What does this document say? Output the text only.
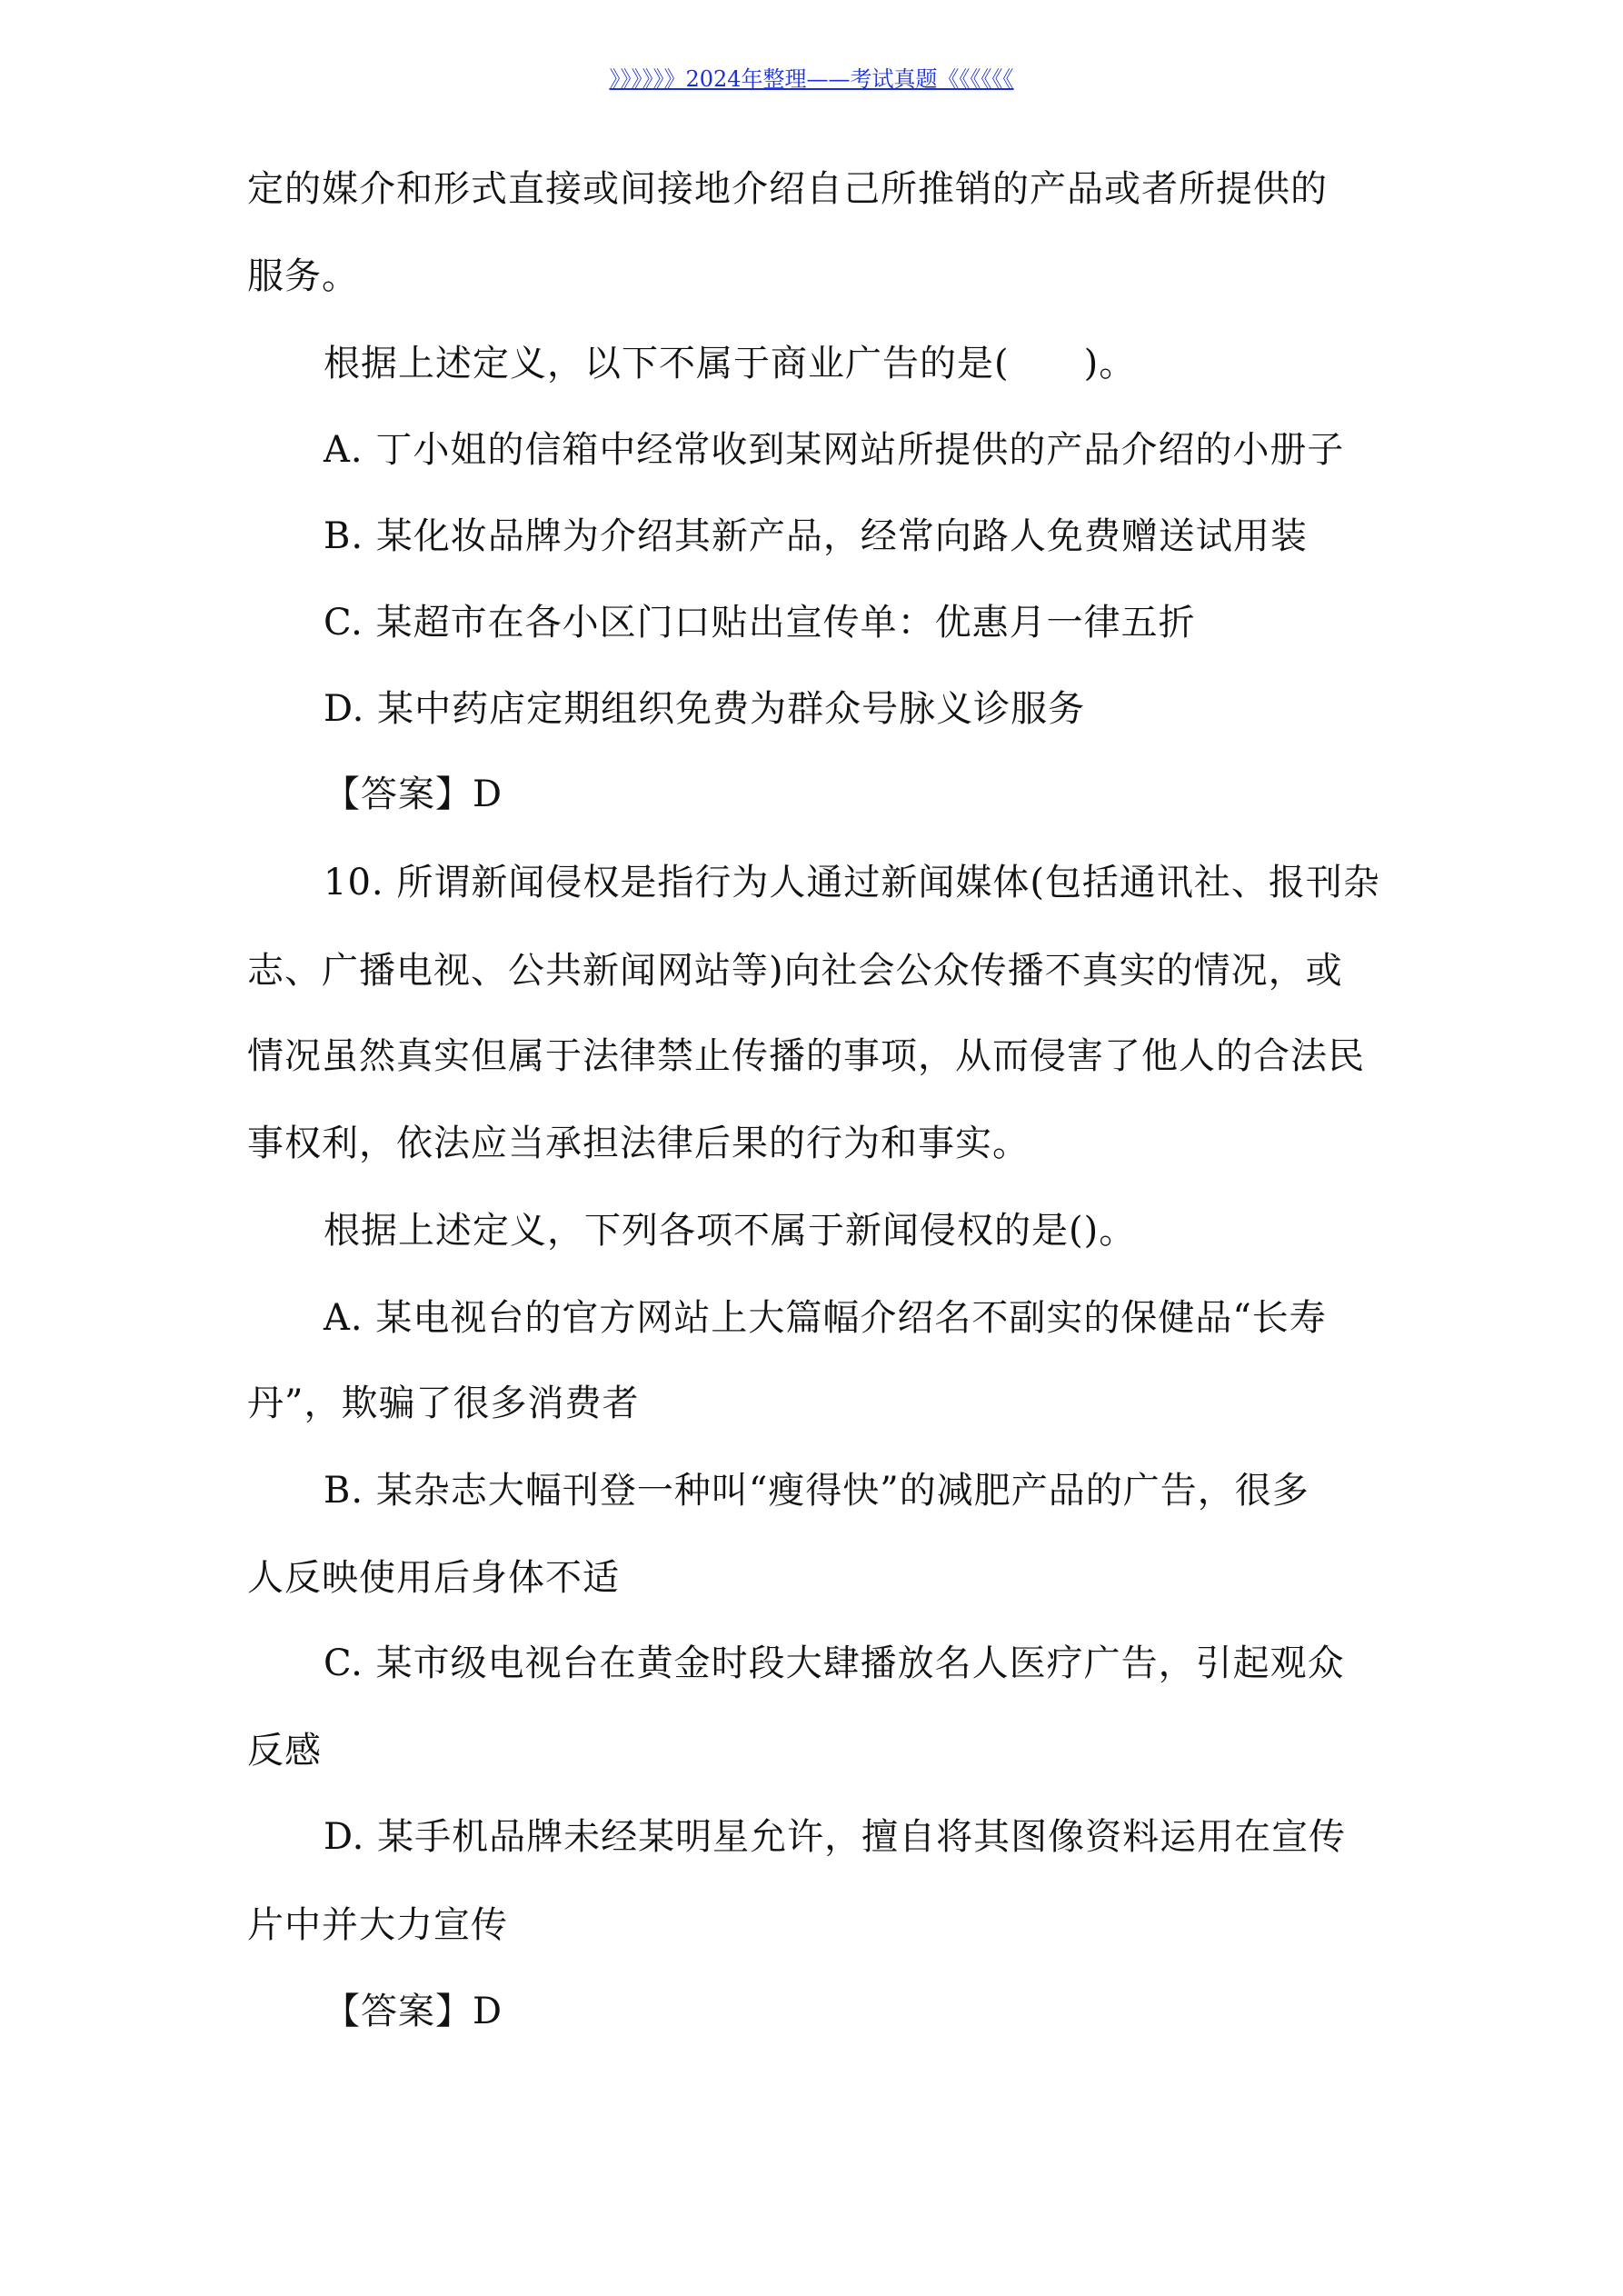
》》》》》》2024年整理——考试真题《《《《《《
定的媒介和形式直接或间接地介绍自己所推销的产品或者所提供的
服务。
根据上述定义，以下不属于商业广告的是(　　)。
A. 丁小姐的信箱中经常收到某网站所提供的产品介绍的小册子
B. 某化妆品牌为介绍其新产品，经常向路人免费赠送试用装
C. 某超市在各小区门口贴出宣传单：优惠月一律五折
D. 某中药店定期组织免费为群众号脉义诊服务
【答案】D
10. 所谓新闻侵权是指行为人通过新闻媒体(包括通讯社、报刊杂
志、广播电视、公共新闻网站等)向社会公众传播不真实的情况，或
情况虽然真实但属于法律禁止传播的事项，从而侵害了他人的合法民
事权利，依法应当承担法律后果的行为和事实。
根据上述定义，下列各项不属于新闻侵权的是()。
A. 某电视台的官方网站上大篇幅介绍名不副实的保健品“长寿
丹”，欺骗了很多消费者
B. 某杂志大幅刊登一种叫“瘦得快”的减肥产品的广告，很多
人反映使用后身体不适
C. 某市级电视台在黄金时段大肆播放名人医疗广告，引起观众
反感
D. 某手机品牌未经某明星允许，擅自将其图像资料运用在宣传
片中并大力宣传
【答案】D
